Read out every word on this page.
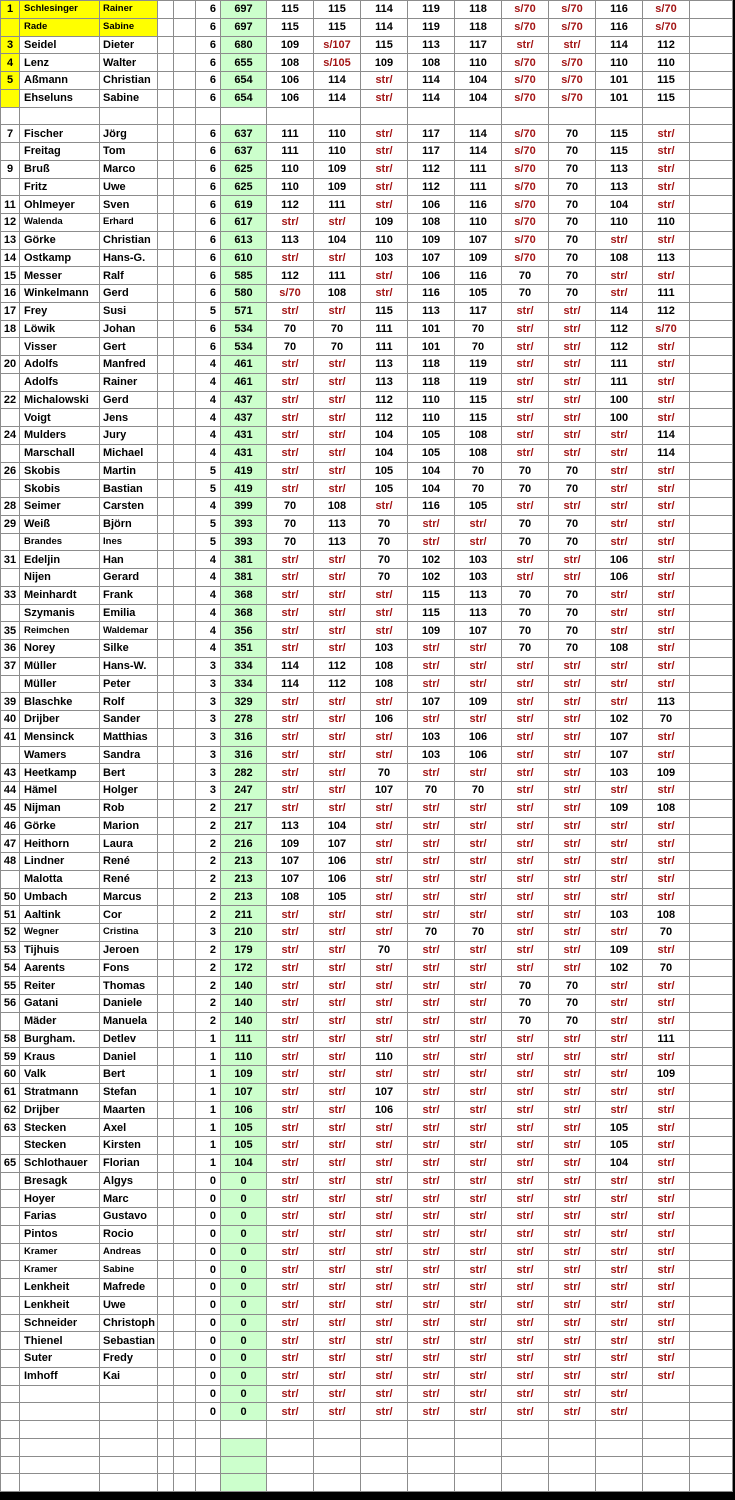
1	Schlesinger	Rainer			6	697	115	115	114	119	118	s/70	s/70	116	s/70	
	Rade	Sabine			6	697	115	115	114	119	118	s/70	s/70	116	s/70	
3	Seidel	Dieter			6	680	109	s/107	115	113	117	str/	str/	114	112	
4	Lenz	Walter			6	655	108	s/105	109	108	110	s/70	s/70	110	110	
5	Aßmann	Christian			6	654	106	114	str/	114	104	s/70	s/70	101	115	
	Ehseluns	Sabine			6	654	106	114	str/	114	104	s/70	s/70	101	115	

7	Fischer	Jörg			6	637	111	110	str/	117	114	s/70	70	115	str/	
	Freitag	Tom			6	637	111	110	str/	117	114	s/70	70	115	str/	
9	Bruß	Marco			6	625	110	109	str/	112	111	s/70	70	113	str/	
	Fritz	Uwe			6	625	110	109	str/	112	111	s/70	70	113	str/	
11	Ohlmeyer	Sven			6	619	112	111	str/	106	116	s/70	70	104	str/	
12	Walenda	Erhard			6	617	str/	str/	109	108	110	s/70	70	110	110	
13	Görke	Christian			6	613	113	104	110	109	107	s/70	70	str/	str/	
14	Ostkamp	Hans-G.			6	610	str/	str/	103	107	109	s/70	70	108	113	
15	Messer	Ralf			6	585	112	111	str/	106	116	70	70	str/	str/	
16	Winkelmann	Gerd			6	580	s/70	108	str/	116	105	70	70	str/	111	
17	Frey	Susi			5	571	str/	str/	115	113	117	str/	str/	114	112	
18	Löwik	Johan			6	534	70	70	111	101	70	str/	str/	112	s/70	
	Visser	Gert			6	534	70	70	111	101	70	str/	str/	112	str/	
20	Adolfs	Manfred			4	461	str/	str/	113	118	119	str/	str/	111	str/	
	Adolfs	Rainer			4	461	str/	str/	113	118	119	str/	str/	111	str/	
22	Michalowski	Gerd			4	437	str/	str/	112	110	115	str/	str/	100	str/	
	Voigt	Jens			4	437	str/	str/	112	110	115	str/	str/	100	str/	
24	Mulders	Jury			4	431	str/	str/	104	105	108	str/	str/	str/	114	
	Marschall	Michael			4	431	str/	str/	104	105	108	str/	str/	str/	114	
26	Skobis	Martin			5	419	str/	str/	105	104	70	70	70	str/	str/	
	Skobis	Bastian			5	419	str/	str/	105	104	70	70	70	str/	str/	
28	Seimer	Carsten			4	399	70	108	str/	116	105	str/	str/	str/	str/	
29	Weiß	Björn			5	393	70	113	70	str/	str/	70	70	str/	str/	
	Brandes	Ines			5	393	70	113	70	str/	str/	70	70	str/	str/	
31	Edeljin	Han			4	381	str/	str/	70	102	103	str/	str/	106	str/	
	Nijen	Gerard			4	381	str/	str/	70	102	103	str/	str/	106	str/	
33	Meinhardt	Frank			4	368	str/	str/	str/	115	113	70	70	str/	str/	
	Szymanis	Emilia			4	368	str/	str/	str/	115	113	70	70	str/	str/	
35	Reimchen	Waldemar			4	356	str/	str/	str/	109	107	70	70	str/	str/	
36	Norey	Silke			4	351	str/	str/	103	str/	str/	70	70	108	str/	
37	Müller	Hans-W.			3	334	114	112	108	str/	str/	str/	str/	str/	str/	
	Müller	Peter			3	334	114	112	108	str/	str/	str/	str/	str/	str/	
39	Blaschke	Rolf			3	329	str/	str/	str/	107	109	str/	str/	str/	113	
40	Drijber	Sander			3	278	str/	str/	106	str/	str/	str/	str/	102	70	
41	Mensinck	Matthias			3	316	str/	str/	str/	103	106	str/	str/	107	str/	
	Wamers	Sandra			3	316	str/	str/	str/	103	106	str/	str/	107	str/	
43	Heetkamp	Bert			3	282	str/	str/	70	str/	str/	str/	str/	103	109	
44	Hämel	Holger			3	247	str/	str/	107	70	70	str/	str/	str/	str/	
45	Nijman	Rob			2	217	str/	str/	str/	str/	str/	str/	str/	109	108	
46	Görke	Marion			2	217	113	104	str/	str/	str/	str/	str/	str/	str/	
47	Heithorn	Laura			2	216	109	107	str/	str/	str/	str/	str/	str/	str/	
48	Lindner	René			2	213	107	106	str/	str/	str/	str/	str/	str/	str/	
	Malotta	René			2	213	107	106	str/	str/	str/	str/	str/	str/	str/	
50	Umbach	Marcus			2	213	108	105	str/	str/	str/	str/	str/	str/	str/	
51	Aaltink	Cor			2	211	str/	str/	str/	str/	str/	str/	str/	103	108	
52	Wegner	Cristina			3	210	str/	str/	str/	70	70	str/	str/	str/	70	
53	Tijhuis	Jeroen			2	179	str/	str/	70	str/	str/	str/	str/	109	str/	
54	Aarents	Fons			2	172	str/	str/	str/	str/	str/	str/	str/	102	70	
55	Reiter	Thomas			2	140	str/	str/	str/	str/	str/	70	70	str/	str/	
56	Gatani	Daniele			2	140	str/	str/	str/	str/	str/	70	70	str/	str/	
	Mäder	Manuela			2	140	str/	str/	str/	str/	str/	70	70	str/	str/	
58	Burgham.	Detlev			1	111	str/	str/	str/	str/	str/	str/	str/	str/	111	
59	Kraus	Daniel			1	110	str/	str/	110	str/	str/	str/	str/	str/	str/	
60	Valk	Bert			1	109	str/	str/	str/	str/	str/	str/	str/	str/	109	
61	Stratmann	Stefan			1	107	str/	str/	107	str/	str/	str/	str/	str/	str/	
62	Drijber	Maarten			1	106	str/	str/	106	str/	str/	str/	str/	str/	str/	
63	Stecken	Axel			1	105	str/	str/	str/	str/	str/	str/	str/	105	str/	
	Stecken	Kirsten			1	105	str/	str/	str/	str/	str/	str/	str/	105	str/	
65	Schlothauer	Florian			1	104	str/	str/	str/	str/	str/	str/	str/	104	str/	
	Bresagk	Algys			0	0	str/	str/	str/	str/	str/	str/	str/	str/	str/	
	Hoyer	Marc			0	0	str/	str/	str/	str/	str/	str/	str/	str/	str/	
	Farias	Gustavo			0	0	str/	str/	str/	str/	str/	str/	str/	str/	str/	
	Pintos	Rocio			0	0	str/	str/	str/	str/	str/	str/	str/	str/	str/	
	Kramer	Andreas			0	0	str/	str/	str/	str/	str/	str/	str/	str/	str/	
	Kramer	Sabine			0	0	str/	str/	str/	str/	str/	str/	str/	str/	str/	
	Lenkheit	Mafrede			0	0	str/	str/	str/	str/	str/	str/	str/	str/	str/	
	Lenkheit	Uwe			0	0	str/	str/	str/	str/	str/	str/	str/	str/	str/	
	Schneider	Christoph			0	0	str/	str/	str/	str/	str/	str/	str/	str/	str/	
	Thienel	Sebastian			0	0	str/	str/	str/	str/	str/	str/	str/	str/	str/	
	Suter	Fredy			0	0	str/	str/	str/	str/	str/	str/	str/	str/	str/	
	Imhoff	Kai			0	0	str/	str/	str/	str/	str/	str/	str/	str/	str/	
					0	0	str/	str/	str/	str/	str/	str/	str/	str/		
					0	0	str/	str/	str/	str/	str/	str/	str/	str/		
